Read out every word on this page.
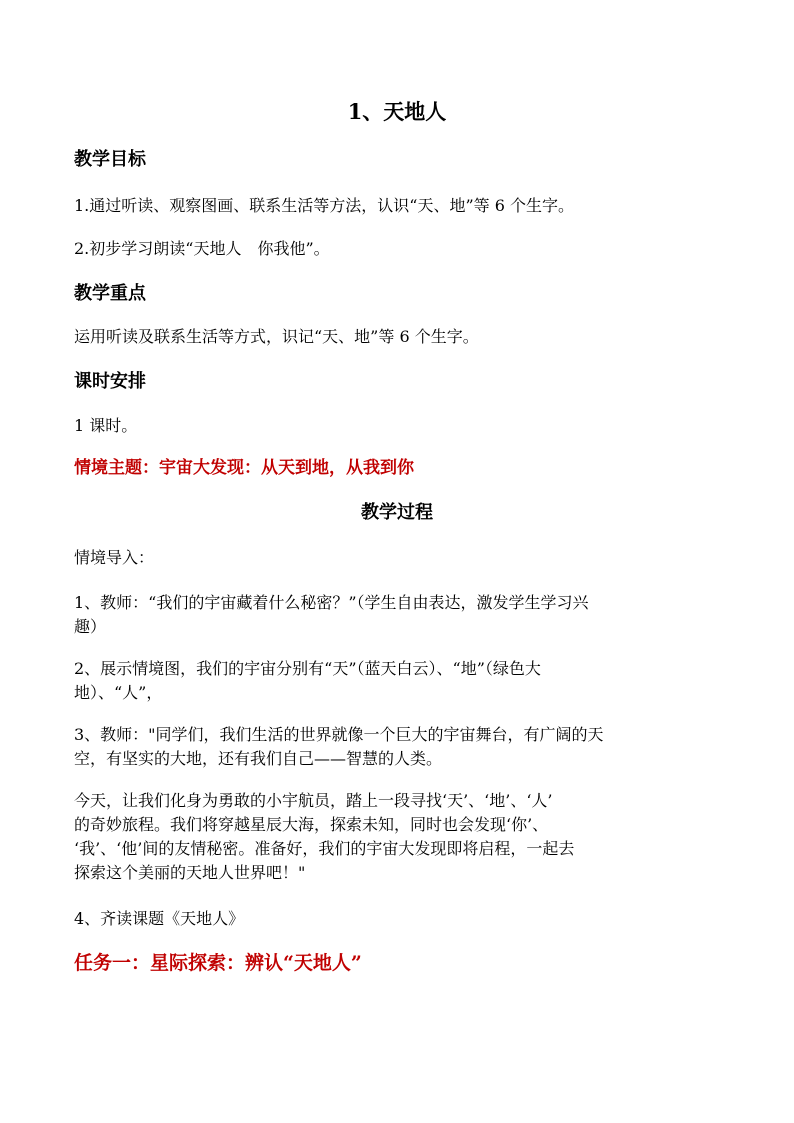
1、天地人
教学目标
1.通过听读、观察图画、联系生活等方法，认识“天、地”等 6 个生字。
2.初步学习朗读“天地人　你我他”。
教学重点
运用听读及联系生活等方式，识记“天、地”等 6 个生字。
课时安排
1 课时。
情境主题：宇宙大发现：从天到地，从我到你
教学过程
情境导入：
1、教师：“我们的宇宙藏着什么秘密？”（学生自由表达，激发学生学习兴
趣）
2、展示情境图，我们的宇宙分别有“天”（蓝天白云）、“地”（绿色大
地）、“人”，
3、教师："同学们，我们生活的世界就像一个巨大的宇宙舞台，有广阔的天
空，有坚实的大地，还有我们自己——智慧的人类。
今天，让我们化身为勇敢的小宇航员，踏上一段寻找‘天’、‘地’、‘人’
的奇妙旅程。我们将穿越星辰大海，探索未知，同时也会发现‘你’、
‘我’、‘他’间的友情秘密。准备好，我们的宇宙大发现即将启程，一起去
探索这个美丽的天地人世界吧！"
4、齐读课题《天地人》
任务一：星际探索：辨认“天地人”
